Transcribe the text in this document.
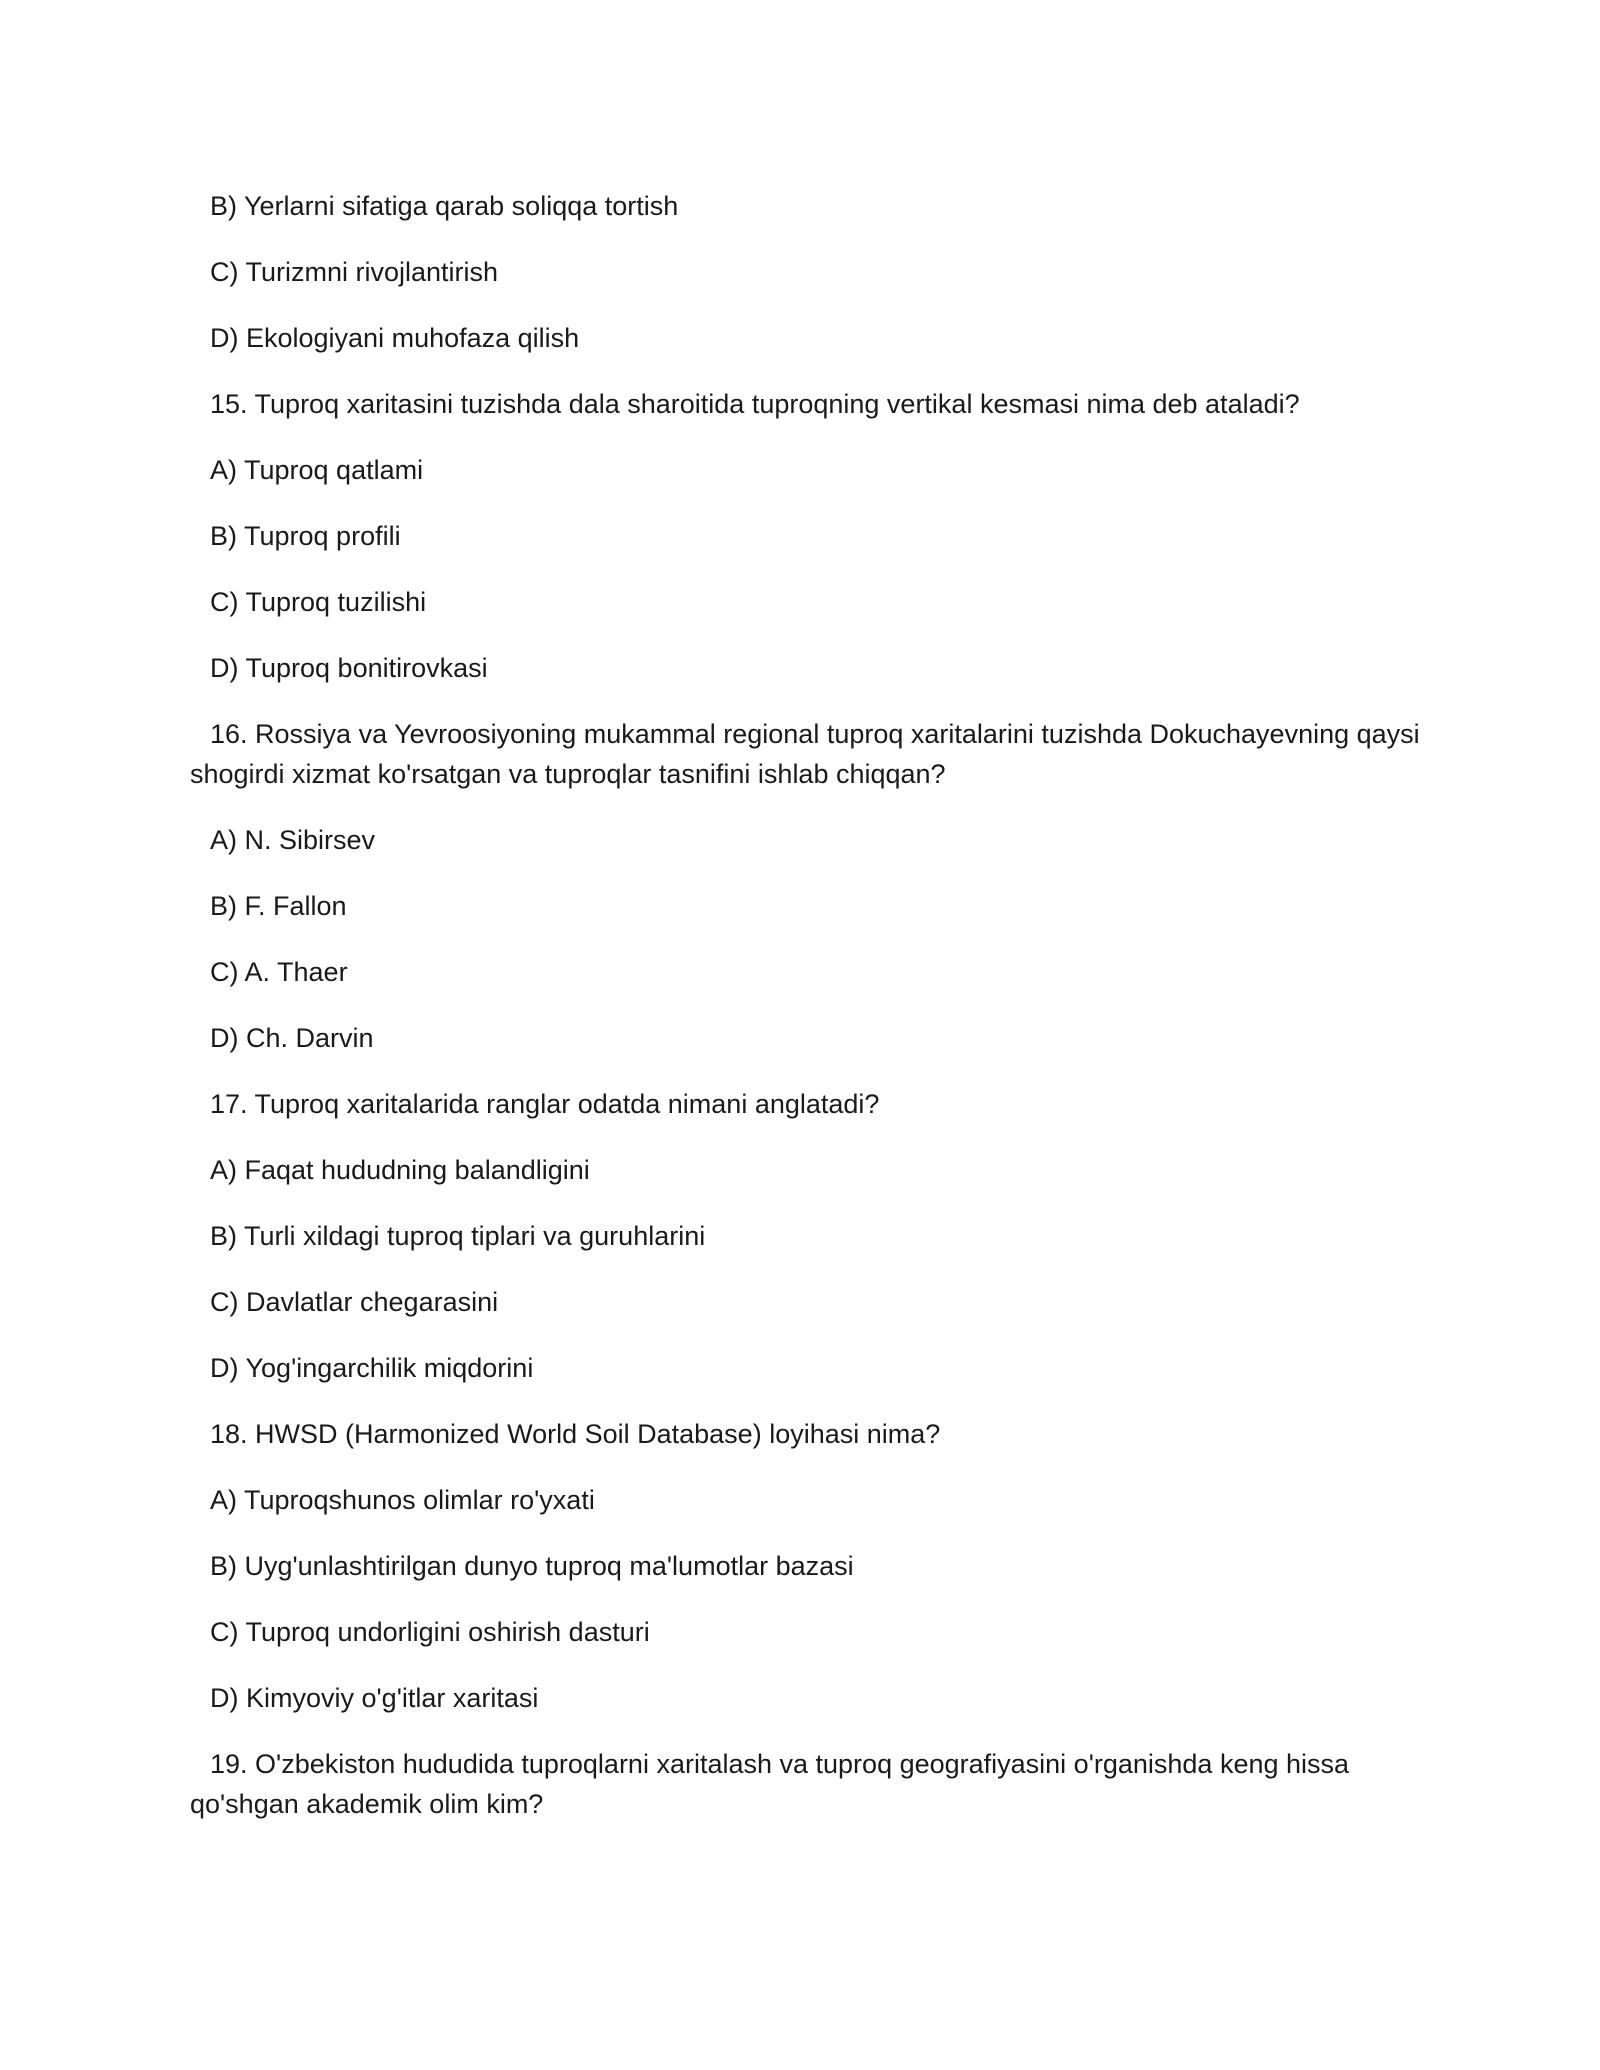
B) Yerlarni sifatiga qarab soliqqa tortish

C) Turizmni rivojlantirish

D) Ekologiyani muhofaza qilish

15. Tuproq xaritasini tuzishda dala sharoitida tuproqning vertikal kesmasi nima deb ataladi?

A) Tuproq qatlami

B) Tuproq profili

C) Tuproq tuzilishi

D) Tuproq bonitirovkasi

16. Rossiya va Yevroosiyoning mukammal regional tuproq xaritalarini tuzishda Dokuchayevning qaysi

shogirdi xizmat ko'rsatgan va tuproqlar tasnifini ishlab chiqqan?

A) N. Sibirsev

B) F. Fallon

C) A. Thaer

D) Ch. Darvin

17. Tuproq xaritalarida ranglar odatda nimani anglatadi?

A) Faqat hududning balandligini

B) Turli xildagi tuproq tiplari va guruhlarini

C) Davlatlar chegarasini

D) Yog'ingarchilik miqdorini

18. HWSD (Harmonized World Soil Database) loyihasi nima?

A) Tuproqshunos olimlar ro'yxati

B) Uyg'unlashtirilgan dunyo tuproq ma'lumotlar bazasi

C) Tuproq undorligini oshirish dasturi

D) Kimyoviy o'g'itlar xaritasi

19. O'zbekiston hududida tuproqlarni xaritalash va tuproq geografiyasini o'rganishda keng hissa

qo'shgan akademik olim kim?
